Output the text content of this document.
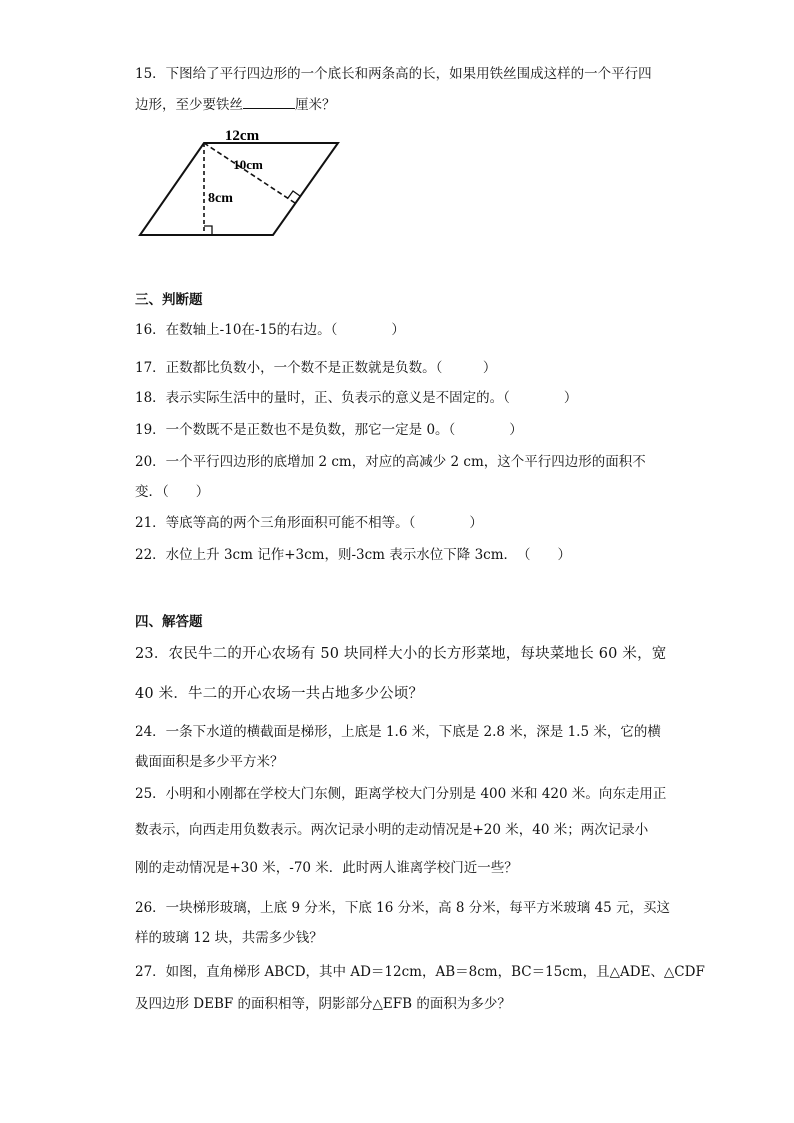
15．下图给了平行四边形的一个底长和两条高的长，如果用铁丝围成这样的一个平行四
边形，至少要铁丝	厘米？
12cm
10cm
8cm
三、判断题
16．在数轴上-10在-15的右边。（　　　　）
17．正数都比负数小，一个数不是正数就是负数。（　　　）
18．表示实际生活中的量时，正、负表示的意义是不固定的。（　　　　）
19．一个数既不是正数也不是负数，那它一定是 0。（　　　　）
20．一个平行四边形的底增加 2 cm，对应的高减少 2 cm，这个平行四边形的面积不
变．（　　）
21．等底等高的两个三角形面积可能不相等。（　　　　）
22．水位上升 3cm 记作+3cm，则-3cm 表示水位下降 3cm．　（　　）
四、解答题
23．农民牛二的开心农场有 50 块同样大小的长方形菜地，每块菜地长 60 米，宽
40 米．牛二的开心农场一共占地多少公顷？
24．一条下水道的横截面是梯形，上底是 1.6 米，下底是 2.8 米，深是 1.5 米，它的横
截面面积是多少平方米？
25．小明和小刚都在学校大门东侧，距离学校大门分别是 400 米和 420 米。向东走用正
数表示，向西走用负数表示。两次记录小明的走动情况是+20 米，40 米；两次记录小
刚的走动情况是+30 米，-70 米．此时两人谁离学校门近一些？
26．一块梯形玻璃，上底 9 分米，下底 16 分米，高 8 分米，每平方米玻璃 45 元，买这
样的玻璃 12 块，共需多少钱？
27．如图，直角梯形 ABCD，其中 AD＝12cm，AB＝8cm，BC＝15cm，且△ADE、△CDF
及四边形 DEBF 的面积相等，阴影部分△EFB 的面积为多少？
